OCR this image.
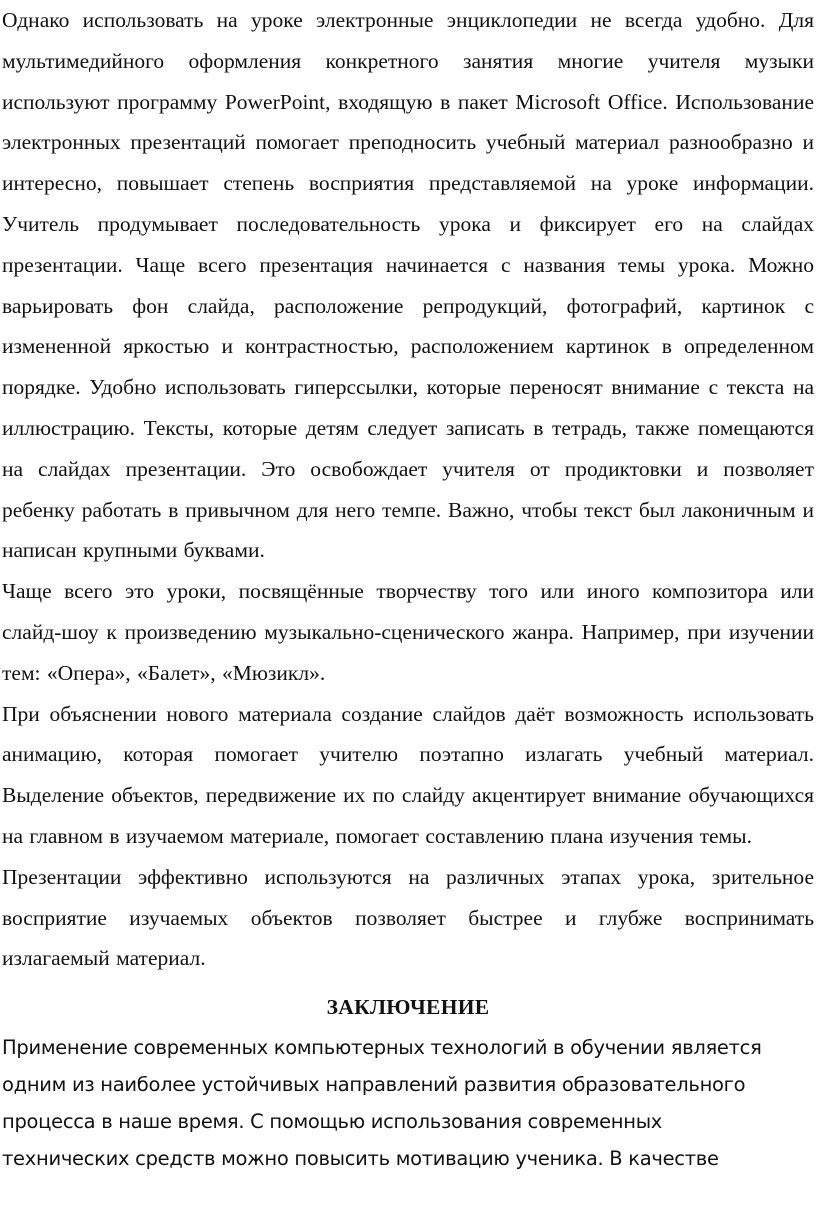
Однако использовать на уроке электронные энциклопедии не всегда удобно. Для мультимедийного оформления конкретного занятия многие учителя музыки используют программу PowerPoint, входящую в пакет Microsoft Office. Использование электронных презентаций помогает преподносить учебный материал разнообразно и интересно, повышает степень восприятия представляемой на уроке информации. Учитель продумывает последовательность урока и фиксирует его на слайдах презентации. Чаще всего презентация начинается с названия темы урока. Можно варьировать фон слайда, расположение репродукций, фотографий, картинок с измененной яркостью и контрастностью, расположением картинок в определенном порядке. Удобно использовать гиперссылки, которые переносят внимание с текста на иллюстрацию. Тексты, которые детям следует записать в тетрадь, также помещаются на слайдах презентации. Это освобождает учителя от продиктовки и позволяет ребенку работать в привычном для него темпе. Важно, чтобы текст был лаконичным и написан крупными буквами.

Чаще всего это уроки, посвящённые творчеству того или иного композитора или слайд-шоу к произведению музыкально-сценического жанра. Например, при изучении тем: «Опера», «Балет», «Мюзикл».

При объяснении нового материала создание слайдов даёт возможность использовать анимацию, которая помогает учителю поэтапно излагать учебный материал. Выделение объектов, передвижение их по слайду акцентирует внимание обучающихся на главном в изучаемом материале, помогает составлению плана изучения темы.

Презентации эффективно используются на различных этапах урока, зрительное восприятие изучаемых объектов позволяет быстрее и глубже воспринимать излагаемый материал.

ЗАКЛЮЧЕНИЕ
Применение современных компьютерных технологий в обучении является
одним из наиболее устойчивых направлений развития образовательного
процесса в наше время. С помощью использования современных
технических средств можно повысить мотивацию ученика. В качестве
